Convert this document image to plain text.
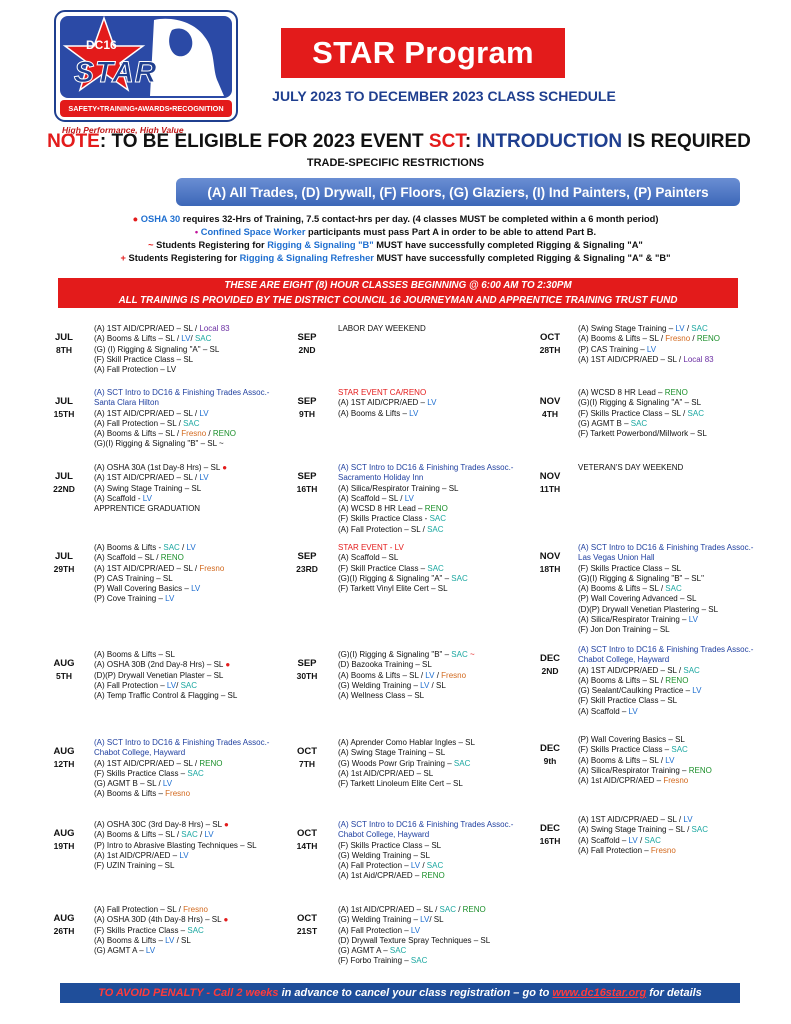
DC16
STAR
SAFETY•TRAINING•AWARDS•RECOGNITION
High Performance, High Value
STAR Program
JULY 2023 TO DECEMBER 2023 CLASS SCHEDULE
NOTE: TO BE ELIGIBLE FOR 2023 EVENT SCT: INTRODUCTION IS REQUIRED
TRADE-SPECIFIC RESTRICTIONS
(A) All Trades, (D) Drywall, (F) Floors, (G) Glaziers, (I) Ind Painters, (P) Painters
● OSHA 30 requires 32-Hrs of Training, 7.5 contact-hrs per day. (4 classes MUST be completed within a 6 month period)
• Confined Space Worker participants must pass Part A in order to be able to attend Part B.
~ Students Registering for Rigging & Signaling "B" MUST have successfully completed Rigging & Signaling "A"
+ Students Registering for Rigging & Signaling Refresher MUST have successfully completed Rigging & Signaling "A" & "B"
THESE ARE EIGHT (8) HOUR CLASSES BEGINNING @ 6:00 AM TO 2:30PM
ALL TRAINING IS PROVIDED BY THE DISTRICT COUNCIL 16 JOURNEYMAN AND APPRENTICE TRAINING TRUST FUND
JUL
8TH
(A) 1ST AID/CPR/AED – SL / Local 83
(A) Booms & Lifts – SL / LV/ SAC
(G) (I) Rigging & Signaling "A" – SL
(F) Skill Practice Class – SL
(A) Fall Protection – LV
JUL
15TH
(A) SCT Intro to DC16 & Finishing Trades Assoc.-
Santa Clara Hilton
(A) 1ST AID/CPR/AED – SL / LV
(A) Fall Protection – SL / SAC
(A) Booms & Lifts – SL / Fresno / RENO
(G)(I) Rigging & Signaling "B" – SL ~
JUL
22ND
(A) OSHA 30A (1st Day-8 Hrs) – SL ●
(A) 1ST AID/CPR/AED – SL / LV
(A) Swing Stage Training – SL
(A) Scaffold - LV
APPRENTICE GRADUATION
JUL
29TH
(A) Booms & Lifts - SAC / LV
(A) Scaffold – SL / RENO
(A) 1ST AID/CPR/AED – SL / Fresno
(P) CAS Training – SL
(P) Wall Covering Basics – LV
(P) Cove Training – LV
AUG
5TH
(A) Booms & Lifts – SL
(A) OSHA 30B (2nd Day-8 Hrs) – SL ●
(D)(P) Drywall Venetian Plaster – SL
(A) Fall Protection – LV/ SAC
(A) Temp Traffic Control & Flagging – SL
AUG
12TH
(A) SCT Intro to DC16 & Finishing Trades Assoc.-
Chabot College, Hayward
(A) 1ST AID/CPR/AED – SL / RENO
(F) Skills Practice Class – SAC
(G) AGMT B – SL / LV
(A) Booms & Lifts – Fresno
AUG
19TH
(A) OSHA 30C (3rd Day-8 Hrs) – SL ●
(A) Booms & Lifts – SL / SAC / LV
(P) Intro to Abrasive Blasting Techniques – SL
(A) 1st AID/CPR/AED – LV
(F) UZIN Training – SL
AUG
26TH
(A) Fall Protection – SL / Fresno
(A) OSHA 30D (4th Day-8 Hrs) – SL ●
(F) Skills Practice Class – SAC
(A) Booms & Lifts – LV / SL
(G) AGMT A – LV
SEP
2ND
LABOR DAY WEEKEND
SEP
9TH
STAR EVENT CA/RENO
(A) 1ST AID/CPR/AED – LV
(A) Booms & Lifts – LV
SEP
16TH
(A) SCT Intro to DC16 & Finishing Trades Assoc.-
Sacramento Holiday Inn
(A) Silica/Respirator Training – SL
(A) Scaffold – SL / LV
(A) WCSD 8 HR Lead – RENO
(F) Skills Practice Class - SAC
(A) Fall Protection – SL / SAC
SEP
23RD
STAR EVENT - LV
(A) Scaffold – SL
(F) Skill Practice Class – SAC
(G)(I) Rigging & Signaling "A" – SAC
(F) Tarkett Vinyl Elite Cert – SL
SEP
30TH
(G)(I) Rigging & Signaling "B" – SAC ~
(D) Bazooka Training – SL
(A) Booms & Lifts – SL / LV / Fresno
(G) Welding Training – LV / SL
(A) Wellness Class – SL
OCT
7TH
(A) Aprender Como Hablar Ingles – SL
(A) Swing Stage Training – SL
(G) Woods Powr Grip Training – SAC
(A) 1st AID/CPR/AED – SL
(F) Tarkett Linoleum Elite Cert – SL
OCT
14TH
(A) SCT Intro to DC16 & Finishing Trades Assoc.-
Chabot College, Hayward
(F) Skills Practice Class – SL
(G) Welding Training – SL
(A) Fall Protection – LV / SAC
(A) 1st Aid/CPR/AED – RENO
OCT
21ST
(A) 1st AID/CPR/AED – SL / SAC / RENO
(G) Welding Training – LV/ SL
(A) Fall Protection – LV
(D) Drywall Texture Spray Techniques – SL
(G) AGMT A – SAC
(F) Forbo Training – SAC
OCT
28TH
(A) Swing Stage Training – LV / SAC
(A) Booms & Lifts – SL / Fresno / RENO
(P) CAS Training – LV
(A) 1ST AID/CPR/AED – SL / Local 83
NOV
4TH
(A) WCSD 8 HR Lead – RENO
(G)(I) Rigging & Signaling "A" – SL
(F) Skills Practice Class – SL / SAC
(G) AGMT B – SAC
(F) Tarkett Powerbond/Millwork – SL
NOV
11TH
VETERAN'S DAY WEEKEND
NOV
18TH
(A) SCT Intro to DC16 & Finishing Trades Assoc.-
Las Vegas Union Hall
(F) Skills Practice Class – SL
(G)(I) Rigging & Signaling "B" – SL"
(A) Booms & Lifts – SL / SAC
(P) Wall Covering Advanced – SL
(D)(P) Drywall Venetian Plastering – SL
(A) Silica/Respirator Training – LV
(F) Jon Don Training – SL
DEC
2ND
(A) SCT Intro to DC16 & Finishing Trades Assoc.-
Chabot College, Hayward
(A) 1ST AID/CPR/AED – SL / SAC
(A) Booms & Lifts – SL / RENO
(G) Sealant/Caulking Practice – LV
(F) Skill Practice Class – SL
(A) Scaffold – LV
DEC
9th
(P) Wall Covering Basics – SL
(F) Skills Practice Class – SAC
(A) Booms & Lifts – SL / LV
(A) Silica/Respirator Training – RENO
(A) 1st AID/CPR/AED – Fresno
DEC
16TH
(A) 1ST AID/CPR/AED – SL / LV
(A) Swing Stage Training – SL / SAC
(A) Scaffold – LV / SAC
(A) Fall Protection – Fresno
TO AVOID PENALTY - Call 2 weeks in advance to cancel your class registration – go to www.dc16star.org for details
